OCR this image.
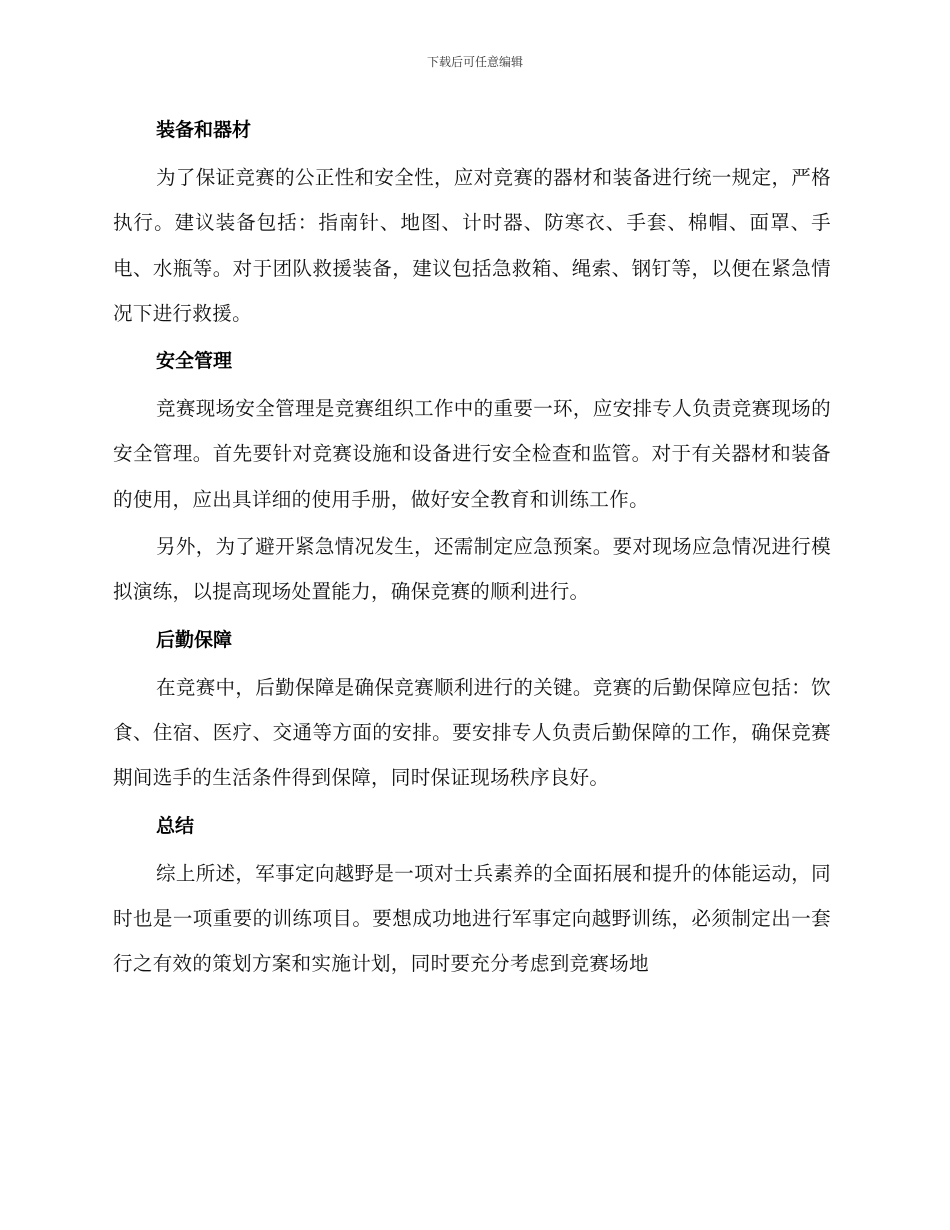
下载后可任意编辑
装备和器材

为了保证竞赛的公正性和安全性，应对竞赛的器材和装备进行统一规定，严格执行。建议装备包括：指南针、地图、计时器、防寒衣、手套、棉帽、面罩、手电、水瓶等。对于团队救援装备，建议包括急救箱、绳索、钢钉等，以便在紧急情况下进行救援。

安全管理

竞赛现场安全管理是竞赛组织工作中的重要一环，应安排专人负责竞赛现场的安全管理。首先要针对竞赛设施和设备进行安全检查和监管。对于有关器材和装备的使用，应出具详细的使用手册，做好安全教育和训练工作。

另外，为了避开紧急情况发生，还需制定应急预案。要对现场应急情况进行模拟演练，以提高现场处置能力，确保竞赛的顺利进行。

后勤保障

在竞赛中，后勤保障是确保竞赛顺利进行的关键。竞赛的后勤保障应包括：饮食、住宿、医疗、交通等方面的安排。要安排专人负责后勤保障的工作，确保竞赛期间选手的生活条件得到保障，同时保证现场秩序良好。

总结

综上所述，军事定向越野是一项对士兵素养的全面拓展和提升的体能运动，同时也是一项重要的训练项目。要想成功地进行军事定向越野训练，必须制定出一套行之有效的策划方案和实施计划，同时要充分考虑到竞赛场地
